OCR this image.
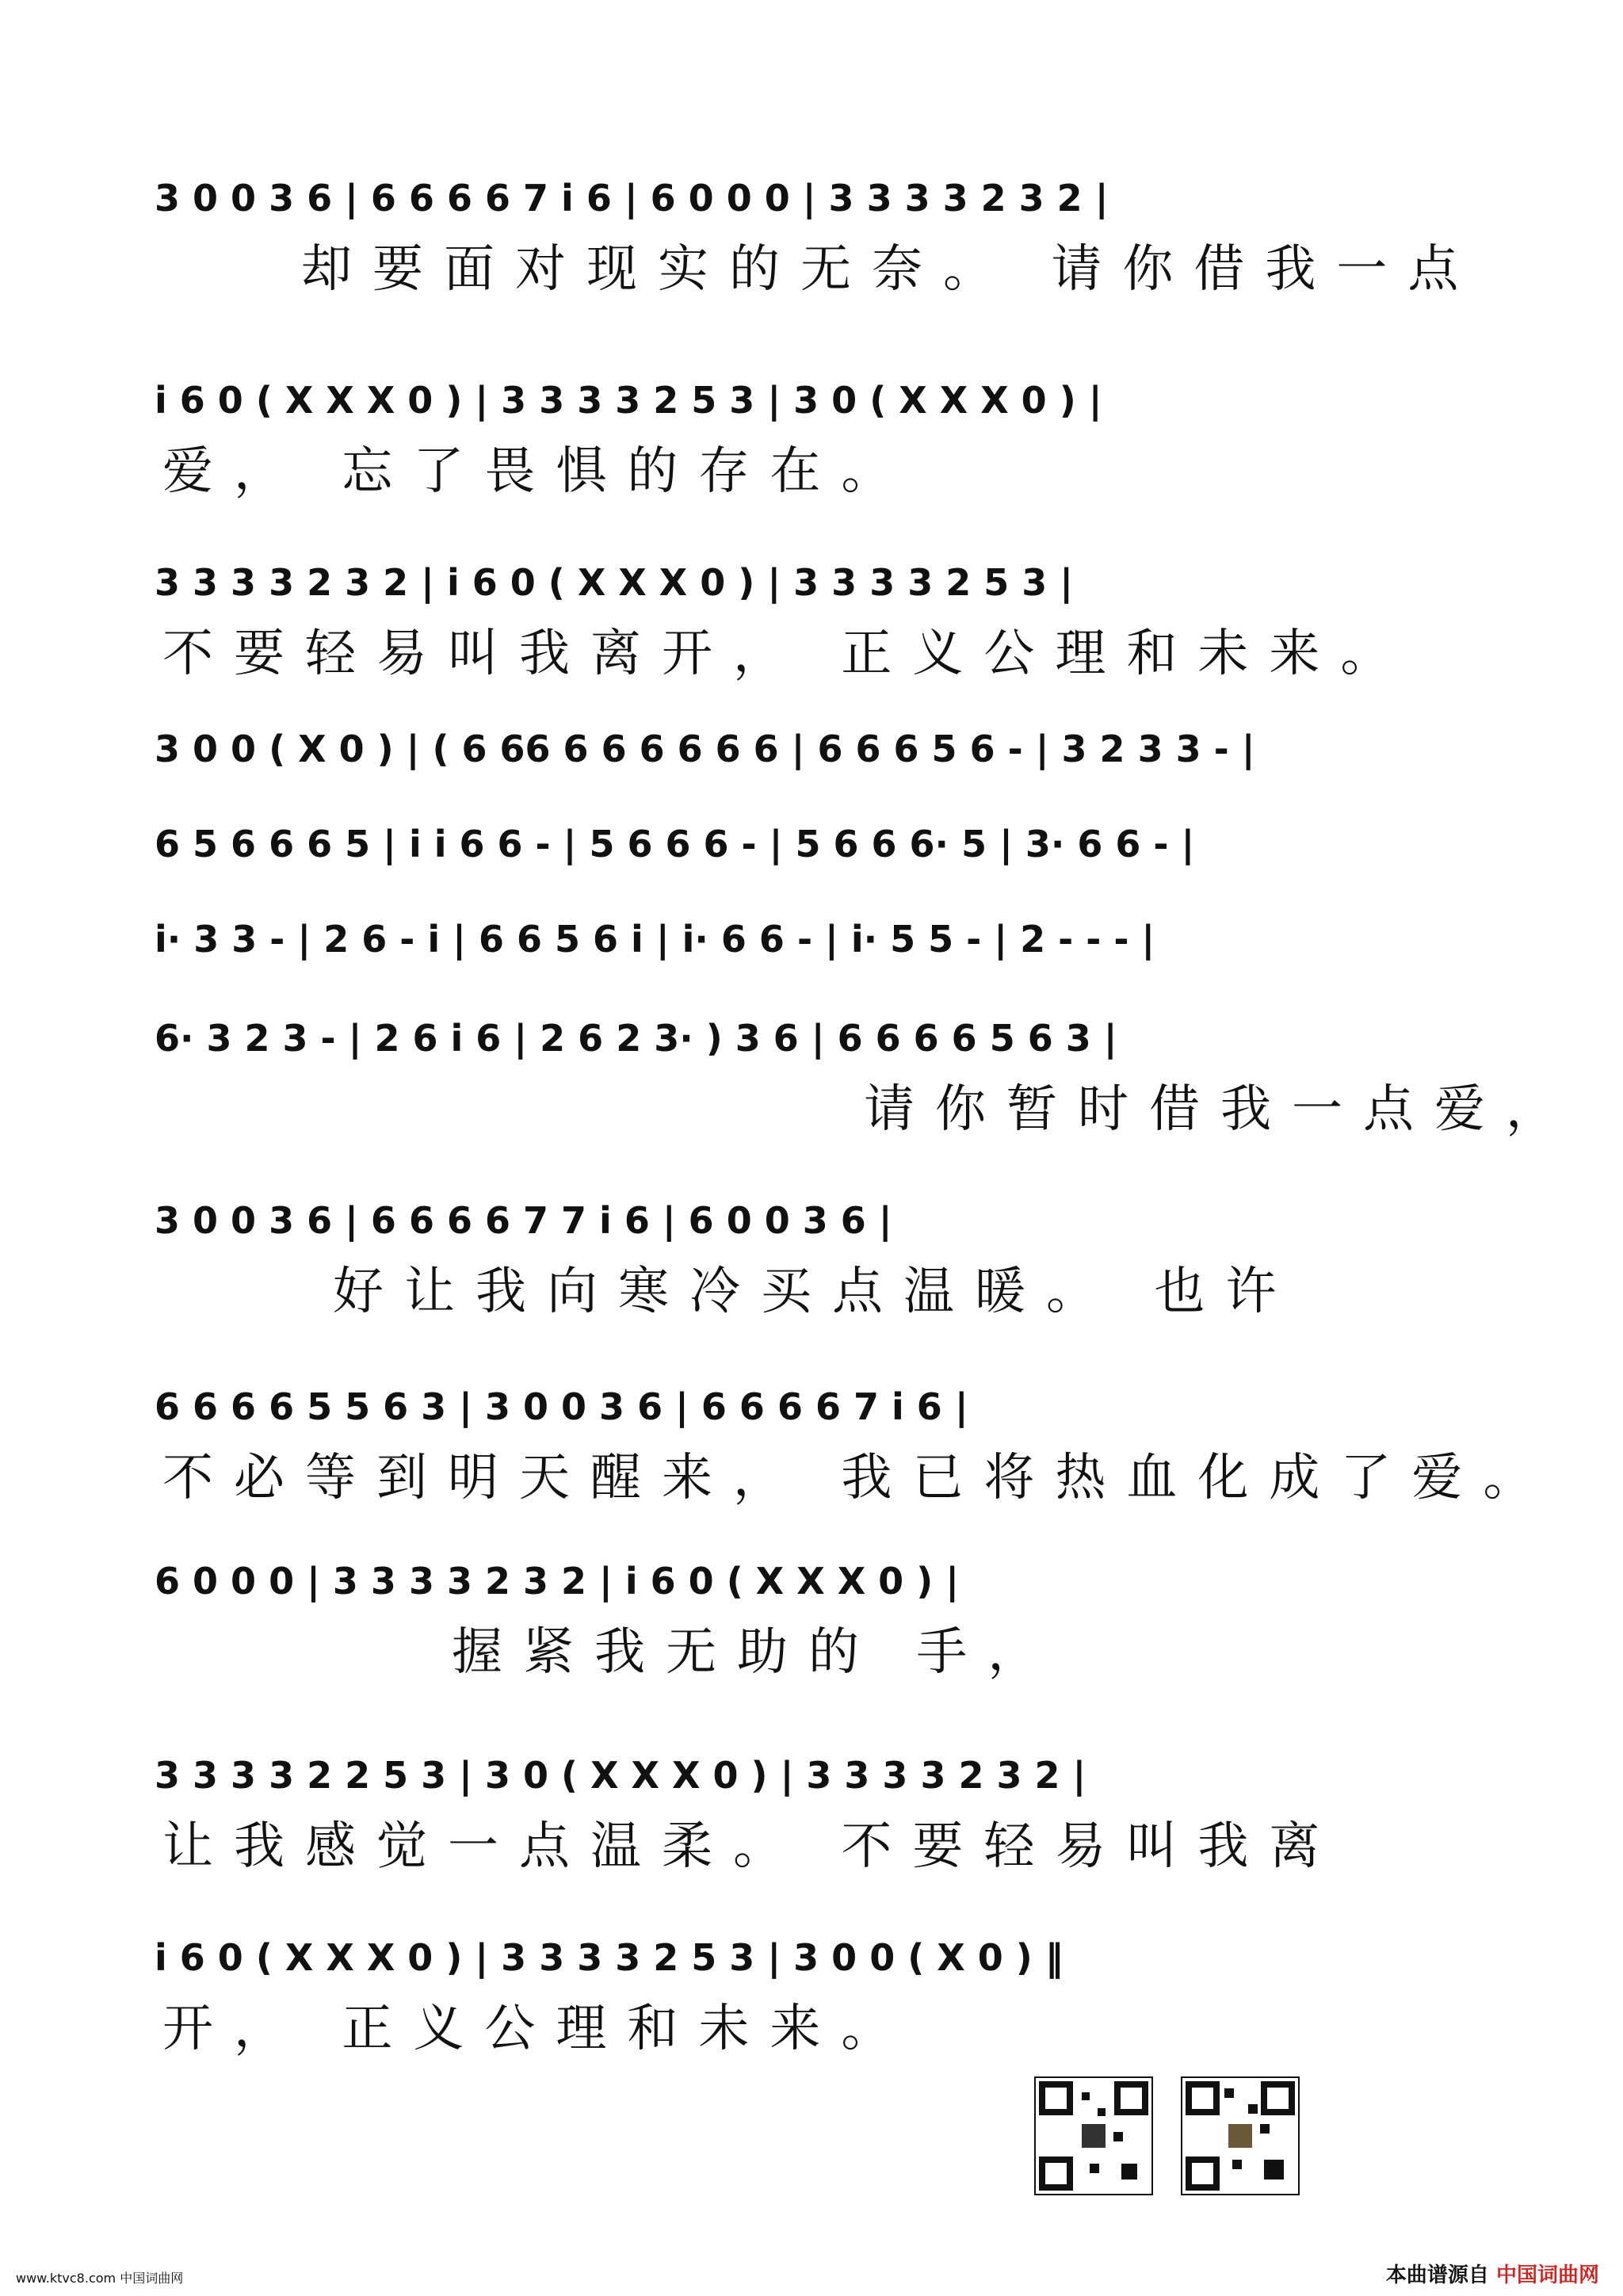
3 0 0 3 6 | 6 6 6 6 7 i 6 | 6 0 0 0 | 3 3 3 3 2 3 2 |
却要面对现实的无奈。 请你借我一点
i 6 0 ( X X X 0 ) | 3 3 3 3 2 5 3 | 3 0 ( X X X 0 ) |
爱， 忘了畏惧的存在。
3 3 3 3 2 3 2 | i 6 0 ( X X X 0 ) | 3 3 3 3 2 5 3 |
不要轻易叫我离开， 正义公理和未来。
3 0 0 ( X 0 ) | ( 6 66 6 6 6 6 6 6 | 6 6 6 5 6 - | 3 2 3 3 - |
6 5 6 6 6 5 | i i 6 6 - | 5 6 6 6 - | 5 6 6 6· 5 | 3· 6 6 - |
i· 3 3 - | 2 6 - i | 6 6 5 6 i | i· 6 6 - | i· 5 5 - | 2 - - - |
6· 3 2 3 - | 2 6 i 6 | 2 6 2 3· ) 3 6 | 6 6 6 6 5 6 3 |
请你暂时借我一点爱，
3 0 0 3 6 | 6 6 6 6 7 7 i 6 | 6 0 0 3 6 |
好让我向寒冷买点温暖。 也许
6 6 6 6 5 5 6 3 | 3 0 0 3 6 | 6 6 6 6 7 i 6 |
不必等到明天醒来， 我已将热血化成了爱。
6 0 0 0 | 3 3 3 3 2 3 2 | i 6 0 ( X X X 0 ) |
握紧我无助的 手，
3 3 3 3 2 2 5 3 | 3 0 ( X X X 0 ) | 3 3 3 3 2 3 2 |
让我感觉一点温柔。 不要轻易叫我离
i 6 0 ( X X X 0 ) | 3 3 3 3 2 5 3 | 3 0 0 ( X 0 ) ‖
开， 正义公理和未来。
www.ktvc8.com 中国词曲网	本曲谱源自 中国词曲网
